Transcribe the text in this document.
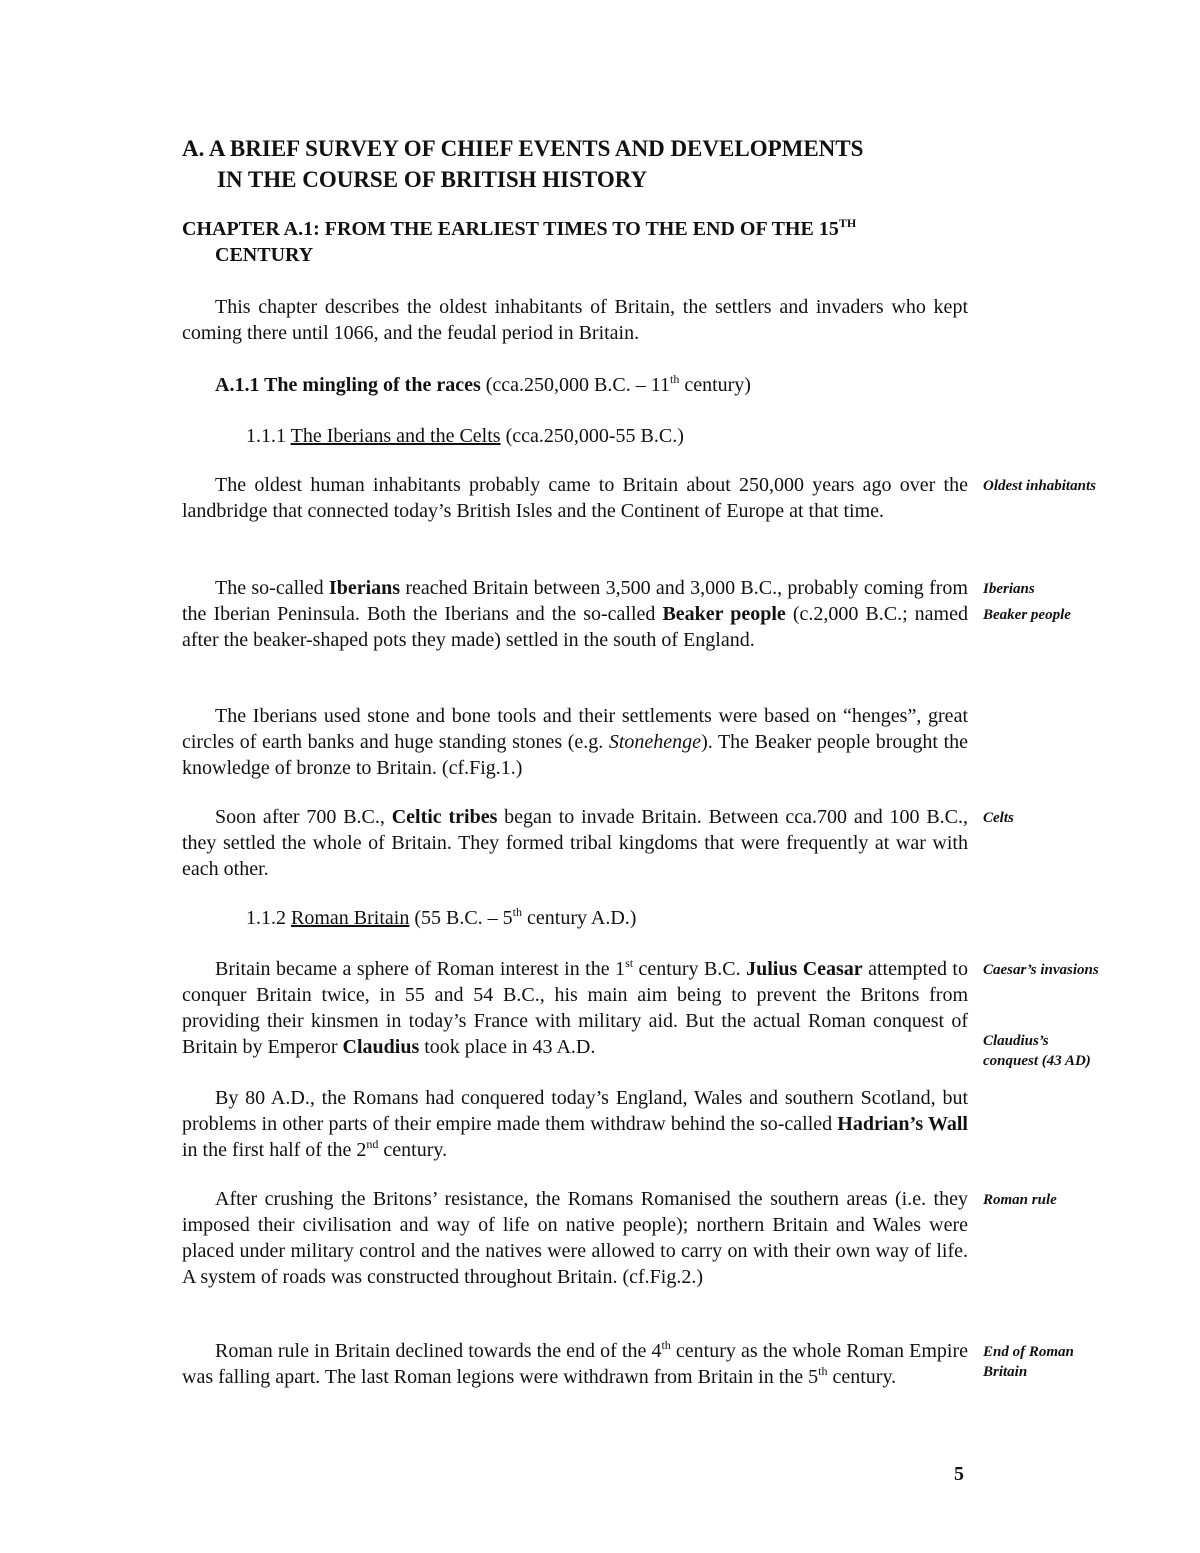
A. A BRIEF SURVEY OF CHIEF EVENTS AND DEVELOPMENTS
IN THE COURSE OF BRITISH HISTORY
CHAPTER A.1: FROM THE EARLIEST TIMES TO THE END OF THE 15TH
CENTURY

This chapter describes the oldest inhabitants of Britain, the settlers and invaders who kept coming there until 1066, and the feudal period in Britain.

A.1.1 The mingling of the races (cca.250,000 B.C. – 11th century)

1.1.1 The Iberians and the Celts (cca.250,000-55 B.C.)

The oldest human inhabitants probably came to Britain about 250,000 years ago over the landbridge that connected today’s British Isles and the Continent of Europe at that time.

Oldest inhabitants

The so-called Iberians reached Britain between 3,500 and 3,000 B.C., probably coming from the Iberian Peninsula. Both the Iberians and the so-called Beaker people (c.2,000 B.C.; named after the beaker-shaped pots they made) settled in the south of England.

Iberians
Beaker people

The Iberians used stone and bone tools and their settlements were based on “henges”, great circles of earth banks and huge standing stones (e.g. Stonehenge). The Beaker people brought the knowledge of bronze to Britain. (cf.Fig.1.)

Soon after 700 B.C., Celtic tribes began to invade Britain. Between cca.700 and 100 B.C., they settled the whole of Britain. They formed tribal kingdoms that were frequently at war with each other.

Celts

1.1.2 Roman Britain (55 B.C. – 5th century A.D.)

Britain became a sphere of Roman interest in the 1st century B.C. Julius Ceasar attempted to conquer Britain twice, in 55 and 54 B.C., his main aim being to prevent the Britons from providing their kinsmen in today’s France with military aid. But the actual Roman conquest of Britain by Emperor Claudius took place in 43 A.D.

Caesar’s invasions
Claudius’s
conquest (43 AD)

By 80 A.D., the Romans had conquered today’s England, Wales and southern Scotland, but problems in other parts of their empire made them withdraw behind the so-called Hadrian’s Wall in the first half of the 2nd century.

After crushing the Britons’ resistance, the Romans Romanised the southern areas (i.e. they imposed their civilisation and way of life on native people); northern Britain and Wales were placed under military control and the natives were allowed to carry on with their own way of life. A system of roads was constructed throughout Britain. (cf.Fig.2.)

Roman rule

Roman rule in Britain declined towards the end of the 4th century as the whole Roman Empire was falling apart. The last Roman legions were withdrawn from Britain in the 5th century.

End of Roman
Britain
5
